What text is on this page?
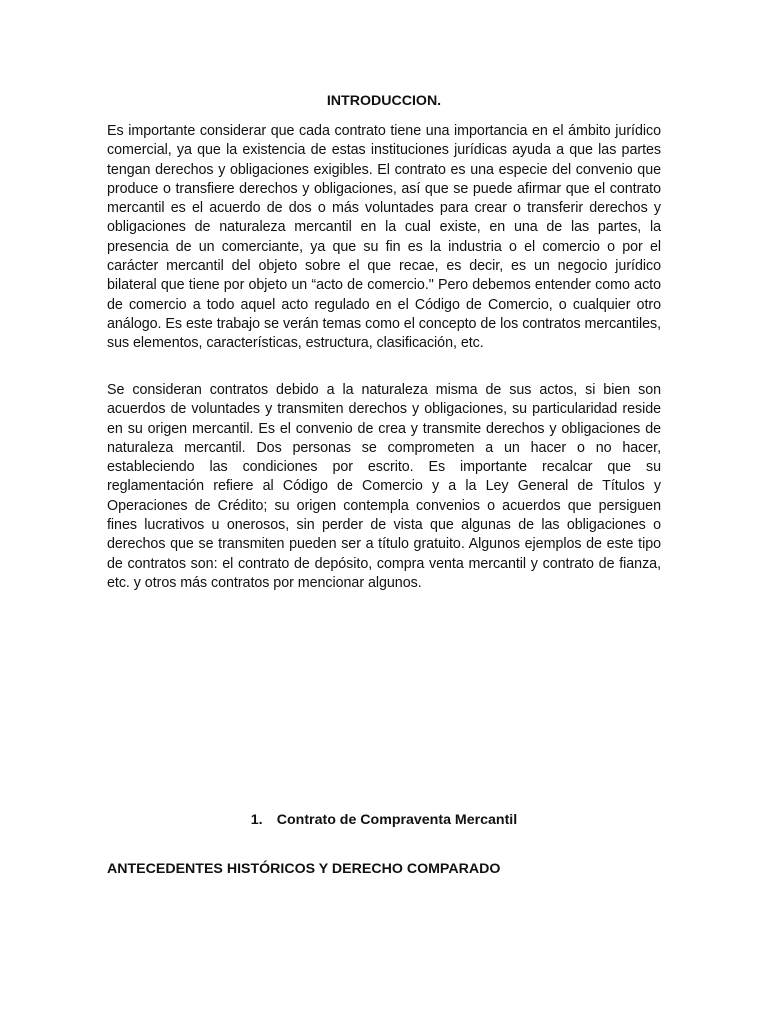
INTRODUCCION.

Es importante considerar que cada contrato tiene una importancia en el ámbito jurídico comercial, ya que la existencia de estas instituciones jurídicas ayuda a que las partes tengan derechos y obligaciones exigibles. El contrato es una especie del convenio que produce o transfiere derechos y obligaciones, así que se puede afirmar que el contrato mercantil es el acuerdo de dos o más voluntades para crear o transferir derechos y obligaciones de naturaleza mercantil en la cual existe, en una de las partes, la presencia de un comerciante, ya que su fin es la industria o el comercio o por el carácter mercantil del objeto sobre el que recae, es decir, es un negocio jurídico bilateral que tiene por objeto un “acto de comercio." Pero debemos entender como acto de comercio a todo aquel acto regulado en el Código de Comercio, o cualquier otro análogo. Es este trabajo se verán temas como el concepto de los contratos mercantiles, sus elementos, características, estructura, clasificación, etc.

Se consideran contratos debido a la naturaleza misma de sus actos, si bien son acuerdos de voluntades y transmiten derechos y obligaciones, su particularidad reside en su origen mercantil. Es el convenio de crea y transmite derechos y obligaciones de naturaleza mercantil. Dos personas se comprometen a un hacer o no hacer, estableciendo las condiciones por escrito. Es importante recalcar que su reglamentación refiere al Código de Comercio y a la Ley General de Títulos y Operaciones de Crédito; su origen contempla convenios o acuerdos que persiguen fines lucrativos u onerosos, sin perder de vista que algunas de las obligaciones o derechos que se transmiten pueden ser a título gratuito. Algunos ejemplos de este tipo de contratos son: el contrato de depósito, compra venta mercantil y contrato de fianza, etc. y otros más contratos por mencionar algunos.

1. Contrato de Compraventa Mercantil
ANTECEDENTES HISTÓRICOS Y DERECHO COMPARADO
